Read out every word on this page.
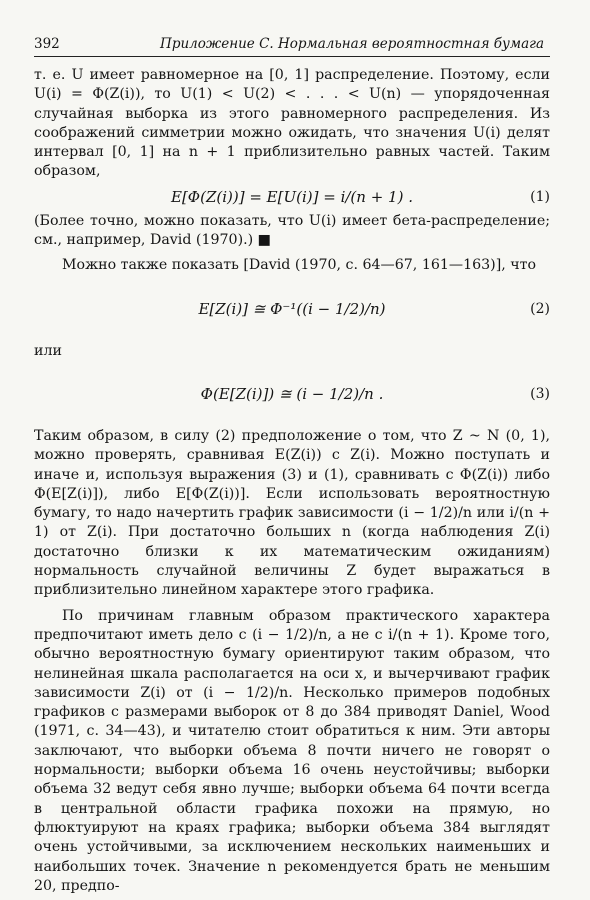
392	Приложение С. Нормальная вероятностная бумага

т. е. U имеет равномерное на [0, 1] распределение. Поэтому, если U(i) = Φ(Z(i)), то U(1) < U(2) < . . . < U(n) — упорядоченная случайная выборка из этого равномерного распределения. Из соображений симметрии можно ожидать, что значения U(i) делят интервал [0, 1] на n + 1 приблизительно равных частей. Таким образом,

E[Φ(Z(i))] = E[U(i)] = i/(n + 1) .	(1)

(Более точно, можно показать, что U(i) имеет бета-распределение; см., например, David (1970).) ■

Можно также показать [David (1970, с. 64—67, 161—163)], что

E[Z(i)] ≅ Φ⁻¹((i − 1/2)/n)	(2)

или

Φ(E[Z(i)]) ≅ (i − 1/2)/n .	(3)

Таким образом, в силу (2) предположение о том, что Z ~ N (0, 1), можно проверять, сравнивая E(Z(i)) с Z(i). Можно поступать и иначе и, используя выражения (3) и (1), сравнивать с Φ(Z(i)) либо Φ(E[Z(i)]), либо E[Φ(Z(i))]. Если использовать вероятностную бумагу, то надо начертить график зависимости (i − 1/2)/n или i/(n + 1) от Z(i). При достаточно больших n (когда наблюдения Z(i) достаточно близки к их математическим ожиданиям) нормальность случайной величины Z будет выражаться в приблизительно линейном характере этого графика.

По причинам главным образом практического характера предпочитают иметь дело с (i − 1/2)/n, а не с i/(n + 1). Кроме того, обычно вероятностную бумагу ориентируют таким образом, что нелинейная шкала располагается на оси x, и вычерчивают график зависимости Z(i) от (i − 1/2)/n. Несколько примеров подобных графиков с размерами выборок от 8 до 384 приводят Daniel, Wood (1971, с. 34—43), и читателю стоит обратиться к ним. Эти авторы заключают, что выборки объема 8 почти ничего не говорят о нормальности; выборки объема 16 очень неустойчивы; выборки объема 32 ведут себя явно лучше; выборки объема 64 почти всегда в центральной области графика похожи на прямую, но флюктуируют на краях графика; выборки объема 384 выглядят очень устойчивыми, за исключением нескольких наименьших и наибольших точек. Значение n рекомендуется брать не меньшим 20, предпо-
